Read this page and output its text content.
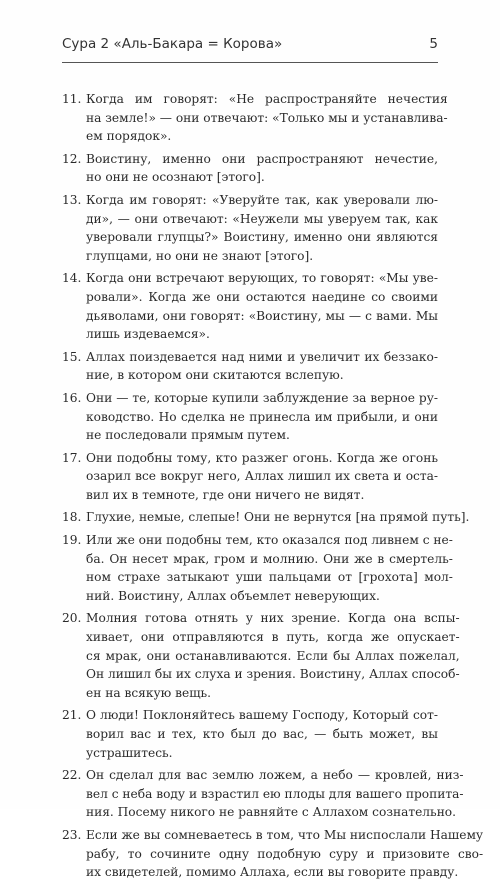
Сура 2 «Аль-Бакара = Корова»	5
11. Когда им говорят: «Не распространяйте нечестия
на земле!» — они отвечают: «Только мы и устанавлива-
ем порядок».
12. Воистину, именно они распространяют нечестие,
но они не осознают [этого].
13. Когда им говорят: «Уверуйте так, как уверовали лю-
ди», — они отвечают: «Неужели мы уверуем так, как
уверовали глупцы?» Воистину, именно они являются
глупцами, но они не знают [этого].
14. Когда они встречают верующих, то говорят: «Мы уве-
ровали». Когда же они остаются наедине со своими
дьяволами, они говорят: «Воистину, мы — с вами. Мы
лишь издеваемся».
15. Аллах поиздевается над ними и увеличит их беззако-
ние, в котором они скитаются вслепую.
16. Они — те, которые купили заблуждение за верное ру-
ководство. Но сделка не принесла им прибыли, и они
не последовали прямым путем.
17. Они подобны тому, кто разжег огонь. Когда же огонь
озарил все вокруг него, Аллах лишил их света и оста-
вил их в темноте, где они ничего не видят.
18. Глухие, немые, слепые! Они не вернутся [на прямой путь].
19. Или же они подобны тем, кто оказался под ливнем с не-
ба. Он несет мрак, гром и молнию. Они же в смертель-
ном страхе затыкают уши пальцами от [грохота] мол-
ний. Воистину, Аллах объемлет неверующих.
20. Молния готова отнять у них зрение. Когда она вспы-
хивает, они отправляются в путь, когда же опускает-
ся мрак, они останавливаются. Если бы Аллах пожелал,
Он лишил бы их слуха и зрения. Воистину, Аллах способ-
ен на всякую вещь.
21. О люди! Поклоняйтесь вашему Господу, Который сот-
ворил вас и тех, кто был до вас, — быть может, вы
устрашитесь.
22. Он сделал для вас землю ложем, а небо — кровлей, низ-
вел с неба воду и взрастил ею плоды для вашего пропита-
ния. Посему никого не равняйте с Аллахом сознательно.
23. Если же вы сомневаетесь в том, что Мы ниспослали Нашему
рабу, то сочините одну подобную суру и призовите сво-
их свидетелей, помимо Аллаха, если вы говорите правду.
